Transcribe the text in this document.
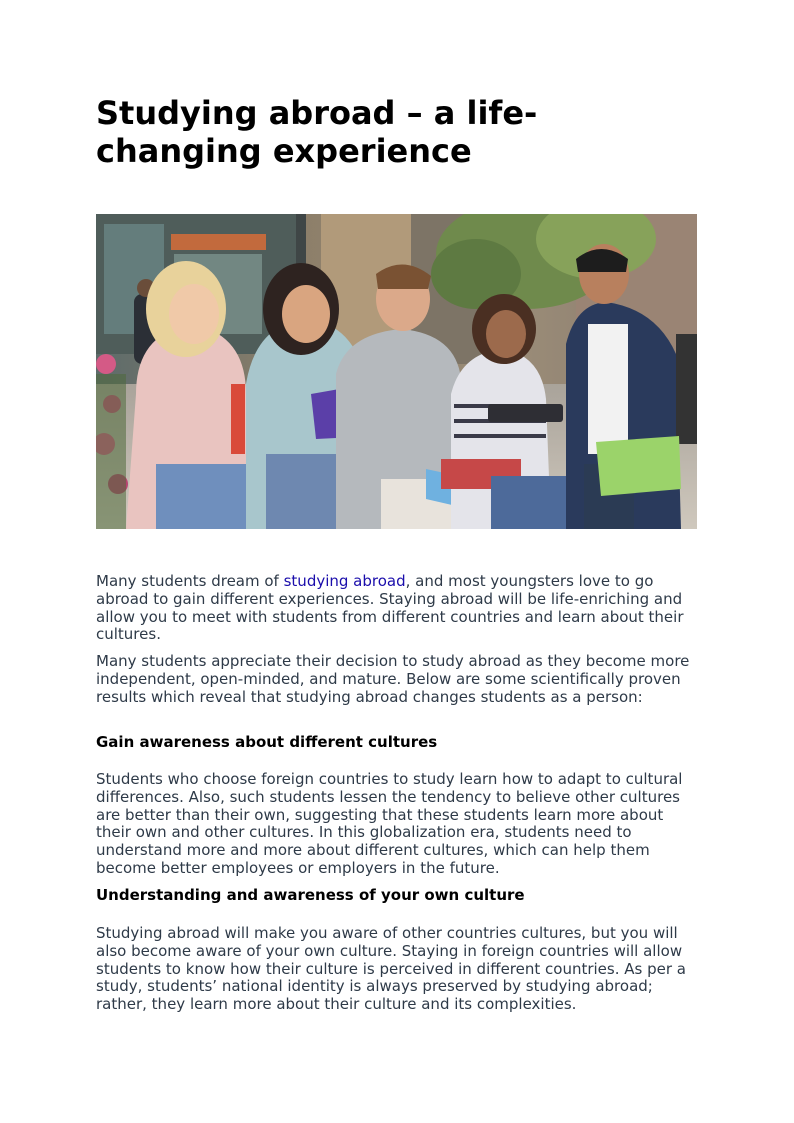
Studying abroad – a life-changing experience

Many students dream of studying abroad, and most youngsters love to go abroad to gain different experiences. Staying abroad will be life-enriching and allow you to meet with students from different countries and learn about their cultures.

Many students appreciate their decision to study abroad as they become more independent, open-minded, and mature. Below are some scientifically proven results which reveal that studying abroad changes students as a person:

Gain awareness about different cultures

Students who choose foreign countries to study learn how to adapt to cultural differences. Also, such students lessen the tendency to believe other cultures are better than their own, suggesting that these students learn more about their own and other cultures. In this globalization era, students need to understand more and more about different cultures, which can help them become better employees or employers in the future.

Understanding and awareness of your own culture

Studying abroad will make you aware of other countries cultures, but you will also become aware of your own culture. Staying in foreign countries will allow students to know how their culture is perceived in different countries. As per a study, students’ national identity is always preserved by studying abroad; rather, they learn more about their culture and its complexities.
